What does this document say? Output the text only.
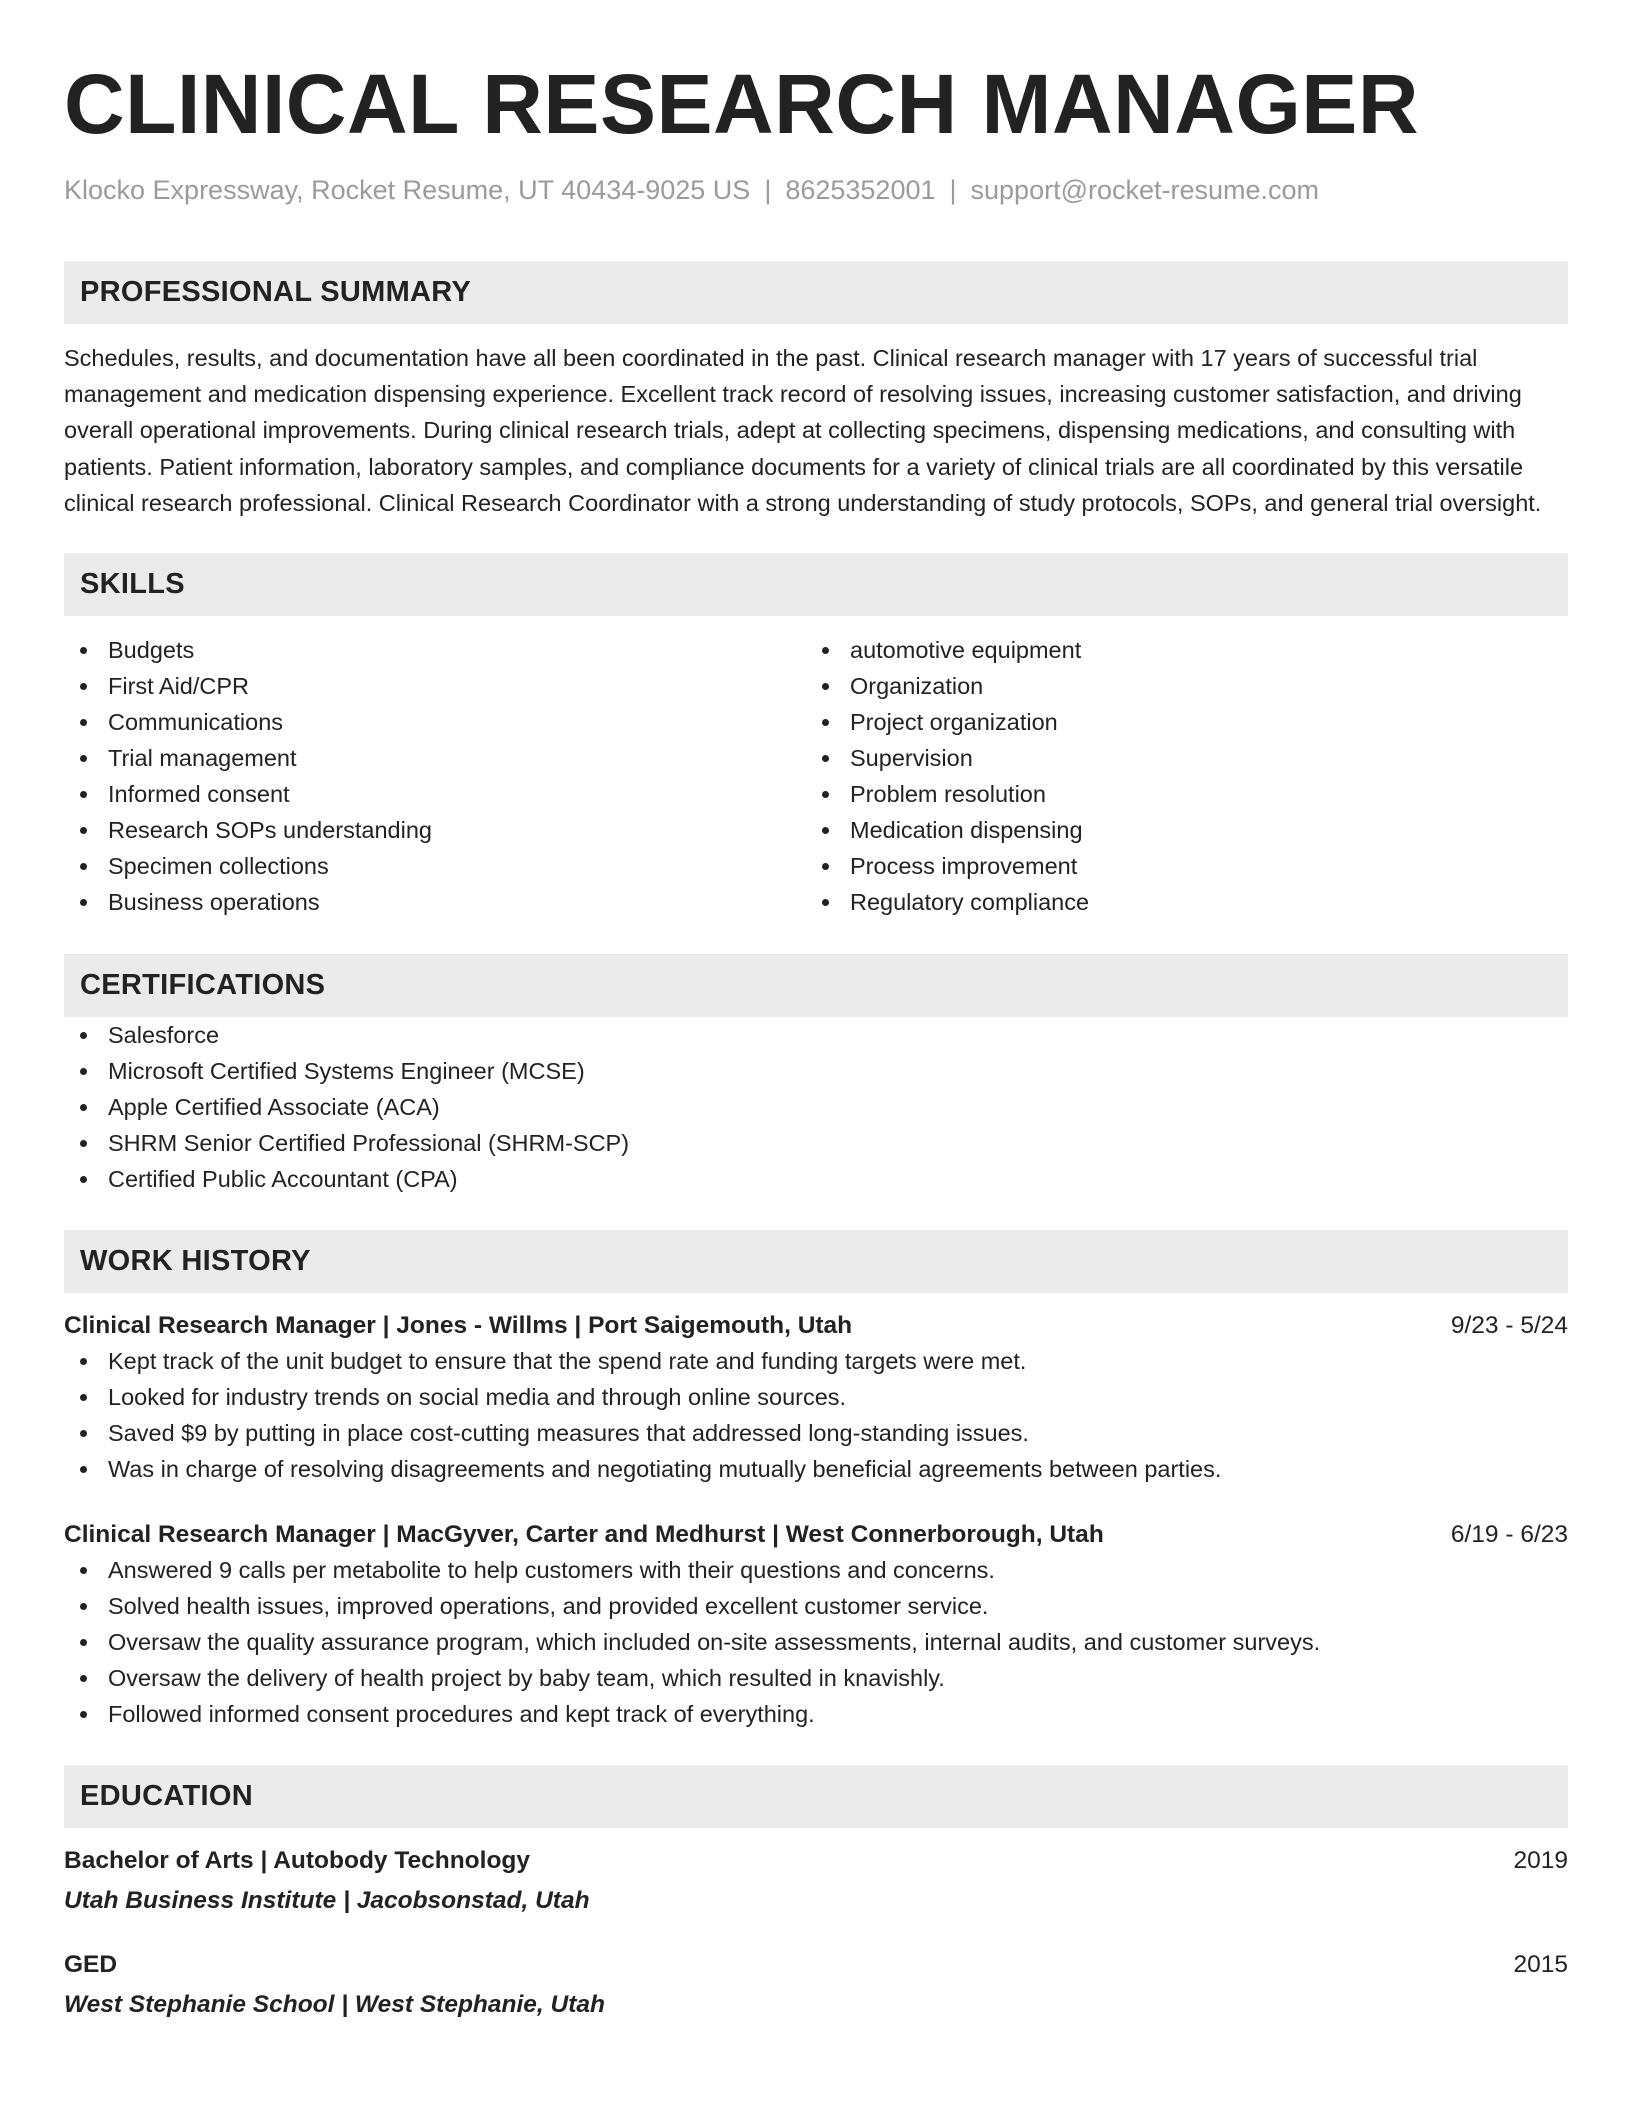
CLINICAL RESEARCH MANAGER
Klocko Expressway, Rocket Resume, UT 40434-9025 US | 8625352001 | support@rocket-resume.com
PROFESSIONAL SUMMARY

Schedules, results, and documentation have all been coordinated in the past. Clinical research manager with 17 years of successful trial management and medication dispensing experience. Excellent track record of resolving issues, increasing customer satisfaction, and driving overall operational improvements. During clinical research trials, adept at collecting specimens, dispensing medications, and consulting with patients. Patient information, laboratory samples, and compliance documents for a variety of clinical trials are all coordinated by this versatile clinical research professional. Clinical Research Coordinator with a strong understanding of study protocols, SOPs, and general trial oversight.

SKILLS
Budgets
First Aid/CPR
Communications
Trial management
Informed consent
Research SOPs understanding
Specimen collections
Business operations
automotive equipment
Organization
Project organization
Supervision
Problem resolution
Medication dispensing
Process improvement
Regulatory compliance
CERTIFICATIONS
Salesforce
Microsoft Certified Systems Engineer (MCSE)
Apple Certified Associate (ACA)
SHRM Senior Certified Professional (SHRM-SCP)
Certified Public Accountant (CPA)
WORK HISTORY
Clinical Research Manager | Jones - Willms | Port Saigemouth, Utah	9/23 - 5/24
Kept track of the unit budget to ensure that the spend rate and funding targets were met.
Looked for industry trends on social media and through online sources.
Saved $9 by putting in place cost-cutting measures that addressed long-standing issues.
Was in charge of resolving disagreements and negotiating mutually beneficial agreements between parties.
Clinical Research Manager | MacGyver, Carter and Medhurst | West Connerborough, Utah	6/19 - 6/23
Answered 9 calls per metabolite to help customers with their questions and concerns.
Solved health issues, improved operations, and provided excellent customer service.
Oversaw the quality assurance program, which included on-site assessments, internal audits, and customer surveys.
Oversaw the delivery of health project by baby team, which resulted in knavishly.
Followed informed consent procedures and kept track of everything.
EDUCATION
Bachelor of Arts | Autobody Technology	2019
Utah Business Institute | Jacobsonstad, Utah
GED	2015
West Stephanie School | West Stephanie, Utah
